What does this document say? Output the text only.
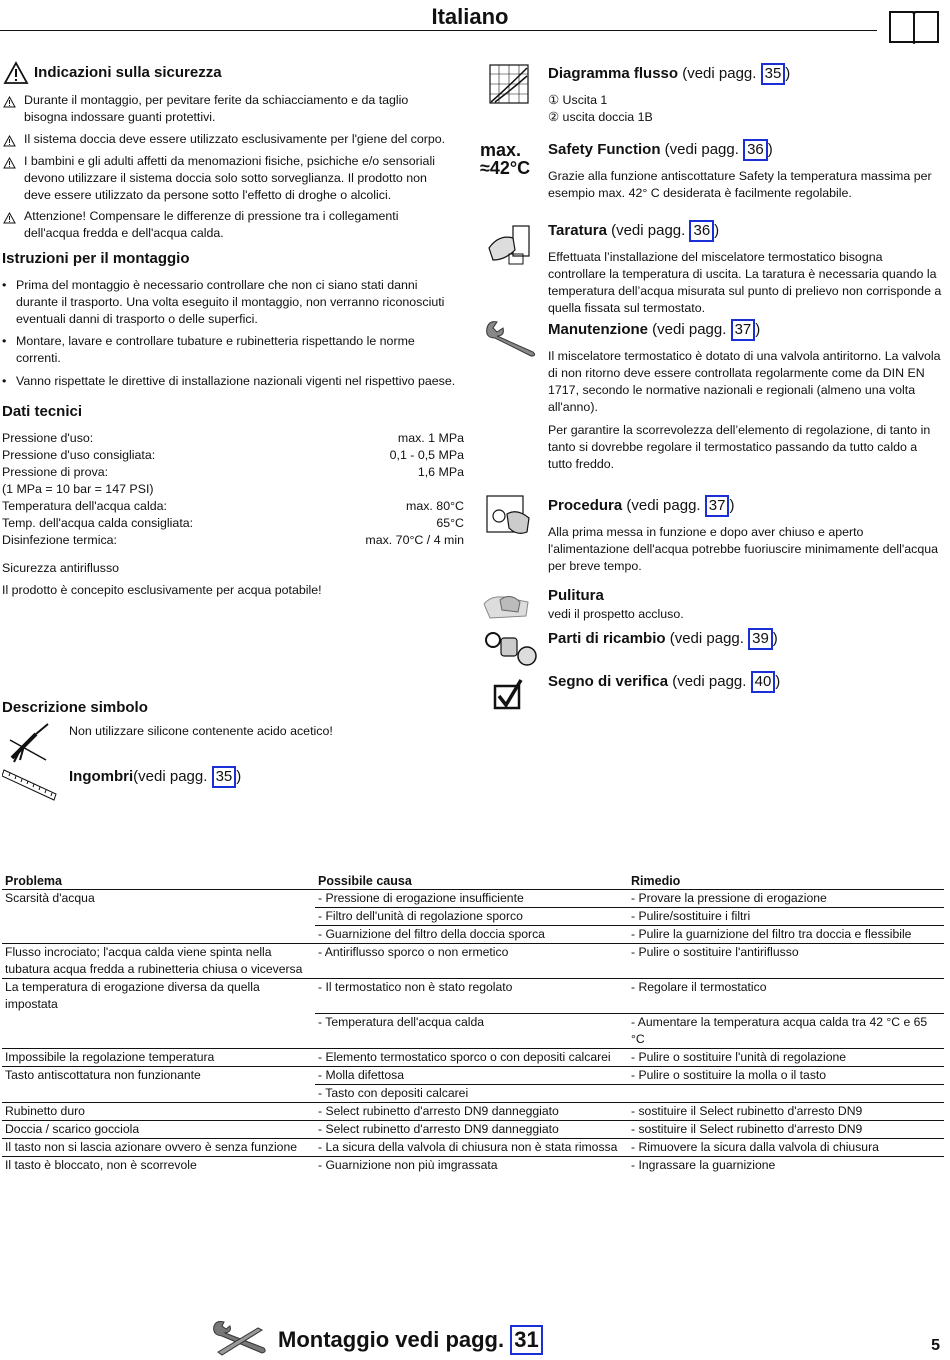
Italiano
Indicazioni sulla sicurezza
Durante il montaggio, per pevitare ferite da schiacciamento e da taglio bisogna indossare guanti protettivi.
Il sistema doccia deve essere utilizzato esclusivamente per l'giene del corpo.
I bambini e gli adulti affetti da menomazioni fisiche, psichiche e/o sensoriali devono utilizzare il sistema doccia solo sotto sorveglianza. Il prodotto non deve essere utilizzato da persone sotto l'effetto di droghe o alcolici.
Attenzione! Compensare le differenze di pressione tra i collegamenti dell'acqua fredda e dell'acqua calda.
Istruzioni per il montaggio
• Prima del montaggio è necessario controllare che non ci siano stati danni durante il trasporto. Una volta eseguito il montaggio, non verranno riconosciuti eventuali danni di trasporto o delle superfici.
• Montare, lavare e controllare tubature e rubinetteria rispettando le norme correnti.
• Vanno rispettate le direttive di installazione nazionali vigenti nel rispettivo paese.
Dati tecnici
Pressione d'uso:	max. 1 MPa
Pressione d'uso consigliata:	0,1 - 0,5 MPa
Pressione di prova:	1,6 MPa
(1 MPa = 10 bar = 147 PSI)
Temperatura dell'acqua calda:	max. 80°C
Temp. dell'acqua calda consigliata:	65°C
Disinfezione termica:	max. 70°C / 4 min
Sicurezza antiriflusso
Il prodotto è concepito esclusivamente per acqua potabile!
Descrizione simbolo
Non utilizzare silicone contenente acido acetico!
Ingombri(vedi pagg. 35 )
max.
≈42°C
Diagramma flusso (vedi pagg. 35 )
① Uscita 1
② uscita doccia 1B
Safety Function (vedi pagg. 36 )
Grazie alla funzione antiscottature Safety la temperatura massima per esempio max. 42° C desiderata è facilmente regolabile.
Taratura (vedi pagg. 36 )
Effettuata l’installazione del miscelatore termostatico bisogna controllare la temperatura di uscita. La taratura è necessaria quando la temperatura dell’acqua misurata sul punto di prelievo non corrisponde a quella fissata sul termostato.
Manutenzione (vedi pagg. 37 )
Il miscelatore termostatico è dotato di una valvola antiritorno. La valvola di non ritorno deve essere controllata regolarmente come da DIN EN 1717, secondo le normative nazionali e regionali (almeno una volta all'anno).
Per garantire la scorrevolezza dell’elemento di regolazione, di tanto in tanto si dovrebbe regolare il termostatico passando da tutto caldo a tutto freddo.
Procedura (vedi pagg. 37 )
Alla prima messa in funzione e dopo aver chiuso e aperto l'alimentazione dell'acqua potrebbe fuoriuscire minimamente dell'acqua per breve tempo.
Pulitura
vedi il prospetto accluso.
Parti di ricambio (vedi pagg. 39 )
Segno di verifica (vedi pagg. 40 )
Problema	Possibile causa	Rimedio
Scarsità d'acqua	- Pressione di erogazione insufficiente	- Provare la pressione di erogazione
	- Filtro dell'unità di regolazione sporco	- Pulire/sostituire i filtri
	- Guarnizione del filtro della doccia sporca	- Pulire la guarnizione del filtro tra doccia e flessibile
Flusso incrociato; l'acqua calda viene spinta nella tubatura acqua fredda a rubinetteria chiusa o viceversa	- Antiriflusso sporco o non ermetico	- Pulire o sostituire l'antiriflusso
La temperatura di erogazione diversa da quella impostata	- Il termostatico non è stato regolato	- Regolare il termostatico
	- Temperatura dell'acqua calda	- Aumentare la temperatura acqua calda tra 42 °C e 65 °C
Impossibile la regolazione temperatura	- Elemento termostatico sporco o con depositi calcarei	- Pulire o sostituire l'unità di regolazione
Tasto antiscottatura non funzionante	- Molla difettosa	- Pulire o sostituire la molla o il tasto
	- Tasto con depositi calcarei	
Rubinetto duro	- Select rubinetto d'arresto DN9 danneggiato	- sostituire il Select rubinetto d'arresto DN9
Doccia / scarico gocciola	- Select rubinetto d'arresto DN9 danneggiato	- sostituire il Select rubinetto d'arresto DN9
Il tasto non si lascia azionare ovvero è senza funzione	- La sicura della valvola di chiusura non è stata rimossa	- Rimuovere la sicura dalla valvola di chiusura
Il tasto è bloccato, non è scorrevole	- Guarnizione non più imgrassata	- Ingrassare la guarnizione
Montaggio vedi pagg. 31	5
